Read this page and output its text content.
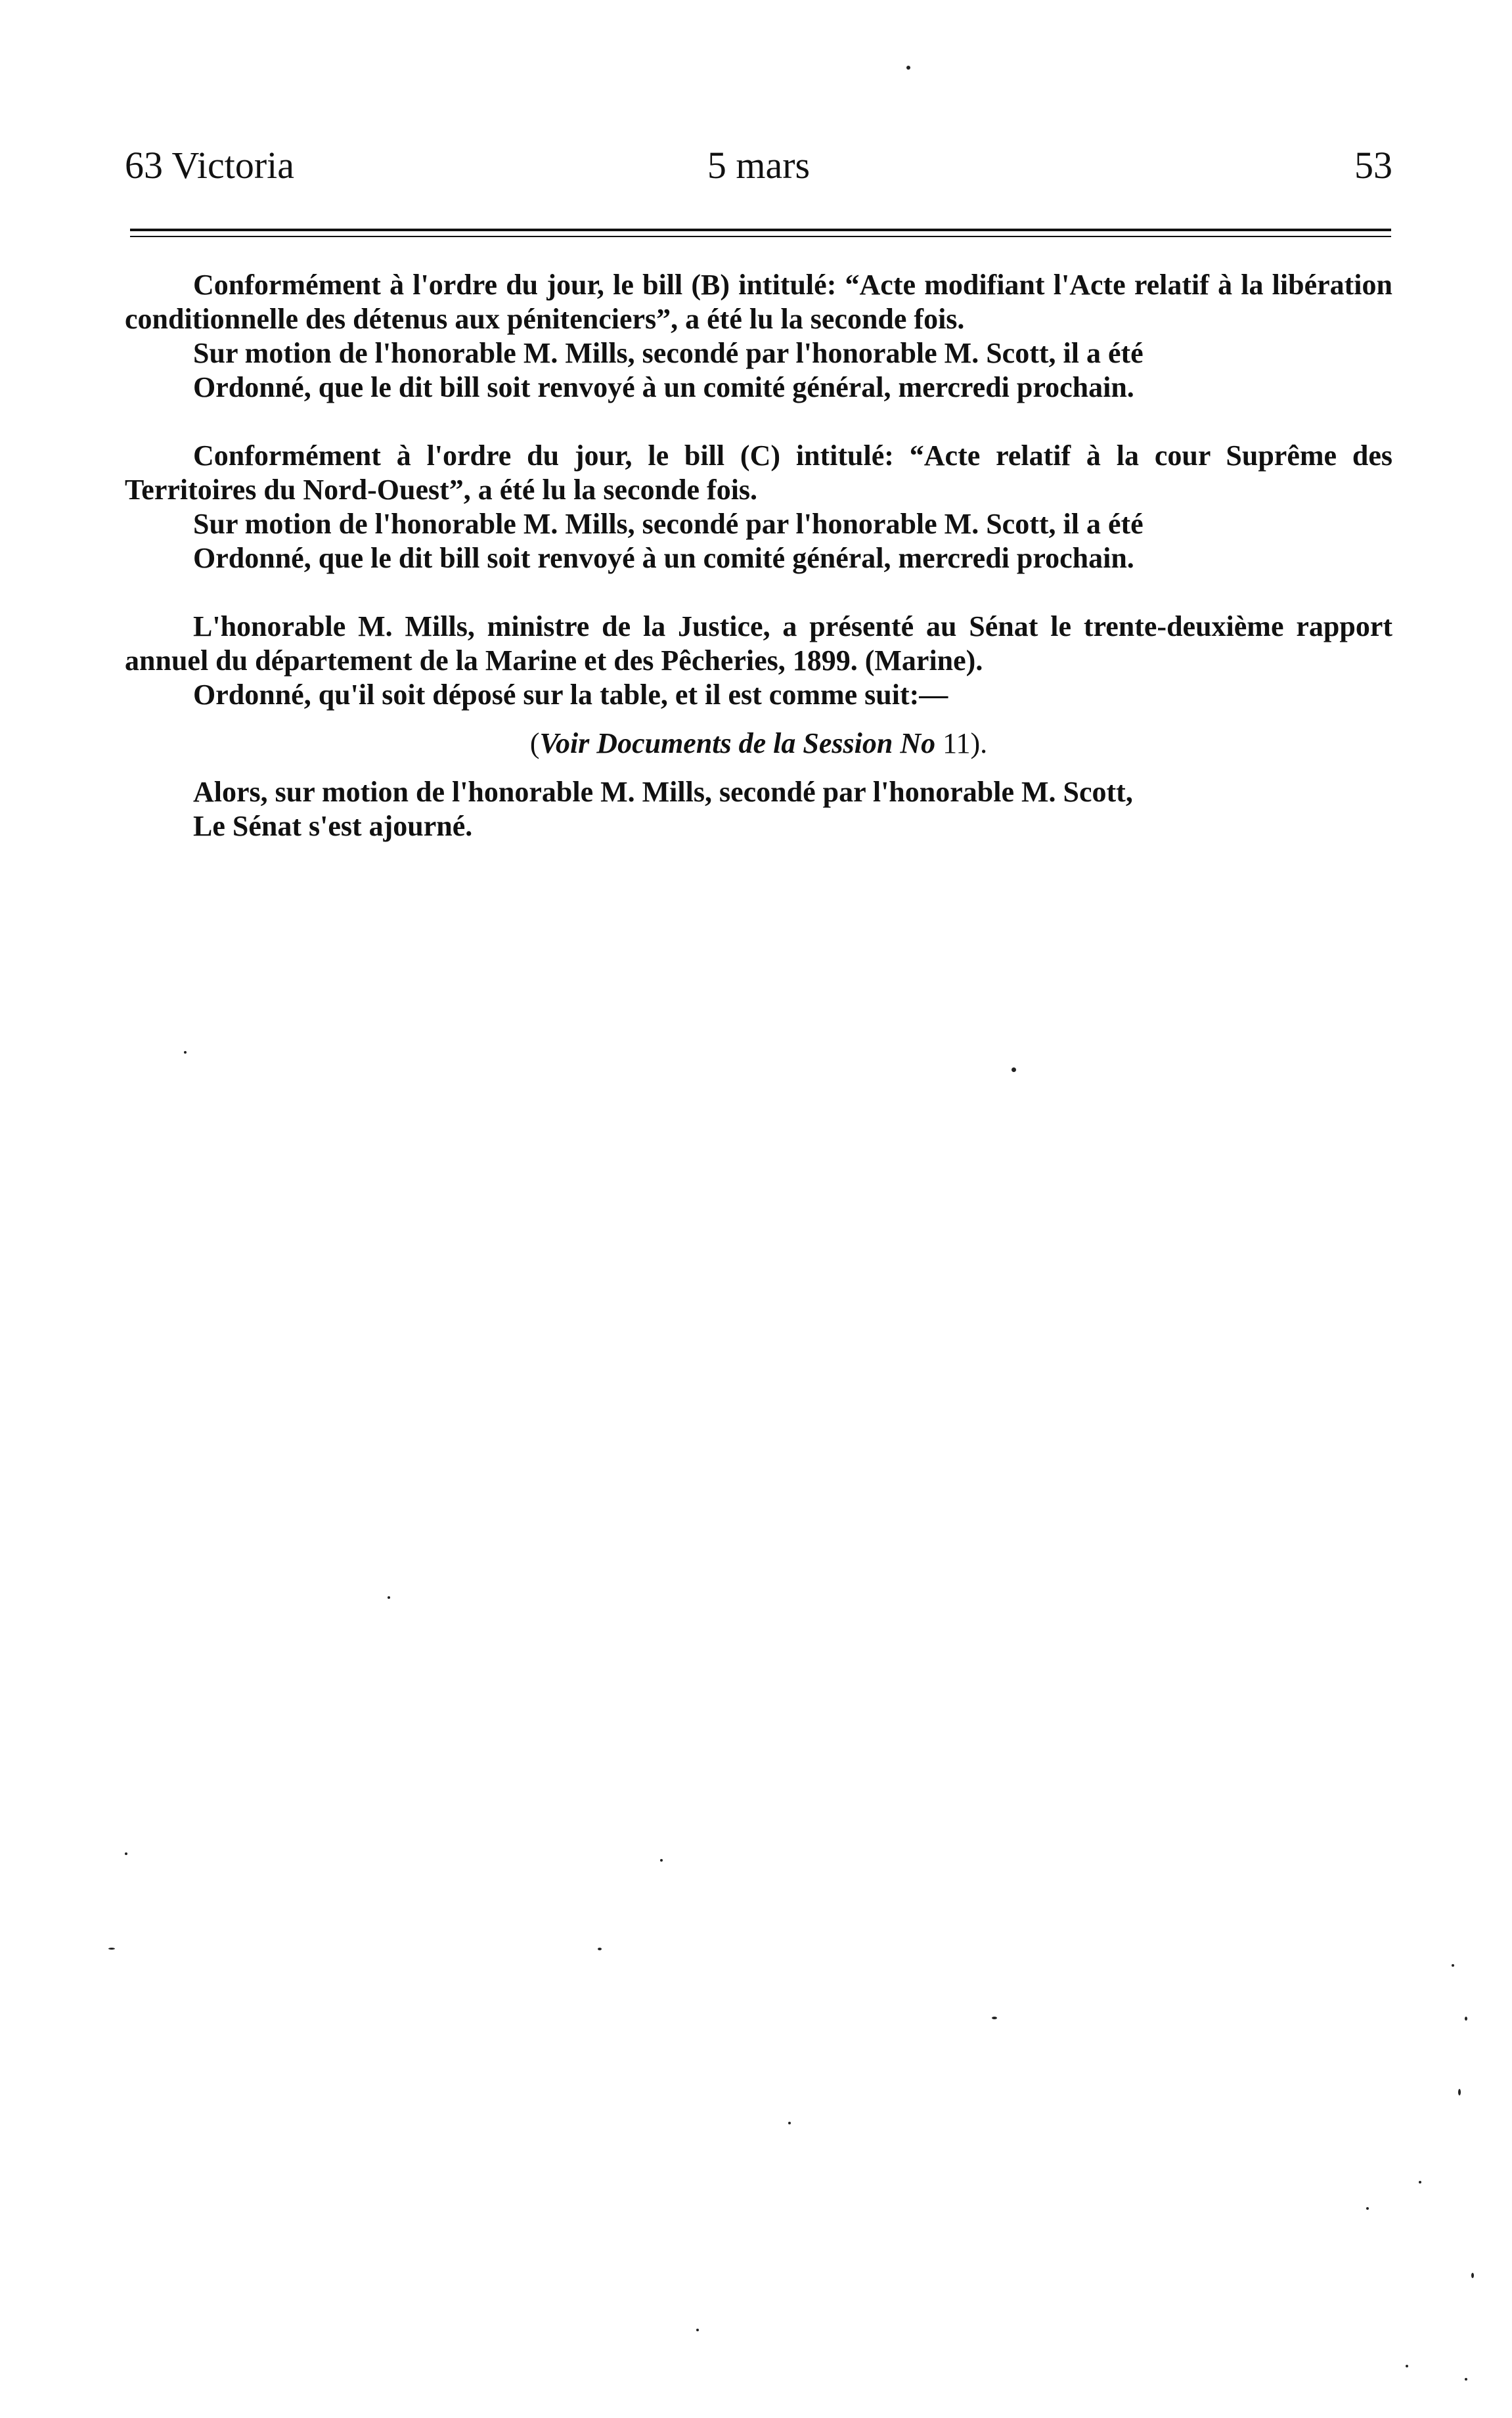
63 Victoria	5 mars	53

Conformément à l'ordre du jour, le bill (B) intitulé: “Acte modifiant l'Acte relatif à la libération conditionnelle des détenus aux pénitenciers”, a été lu la seconde fois.

Sur motion de l'honorable M. Mills, secondé par l'honorable M. Scott, il a été

Ordonné, que le dit bill soit renvoyé à un comité général, mercredi prochain.

Conformément à l'ordre du jour, le bill (C) intitulé: “Acte relatif à la cour Suprême des Territoires du Nord-Ouest”, a été lu la seconde fois.

Sur motion de l'honorable M. Mills, secondé par l'honorable M. Scott, il a été

Ordonné, que le dit bill soit renvoyé à un comité général, mercredi prochain.

L'honorable M. Mills, ministre de la Justice, a présenté au Sénat le trente-deuxième rapport annuel du département de la Marine et des Pêcheries, 1899. (Marine).

Ordonné, qu'il soit déposé sur la table, et il est comme suit:—

(Voir Documents de la Session No 11).

Alors, sur motion de l'honorable M. Mills, secondé par l'honorable M. Scott,

Le Sénat s'est ajourné.
